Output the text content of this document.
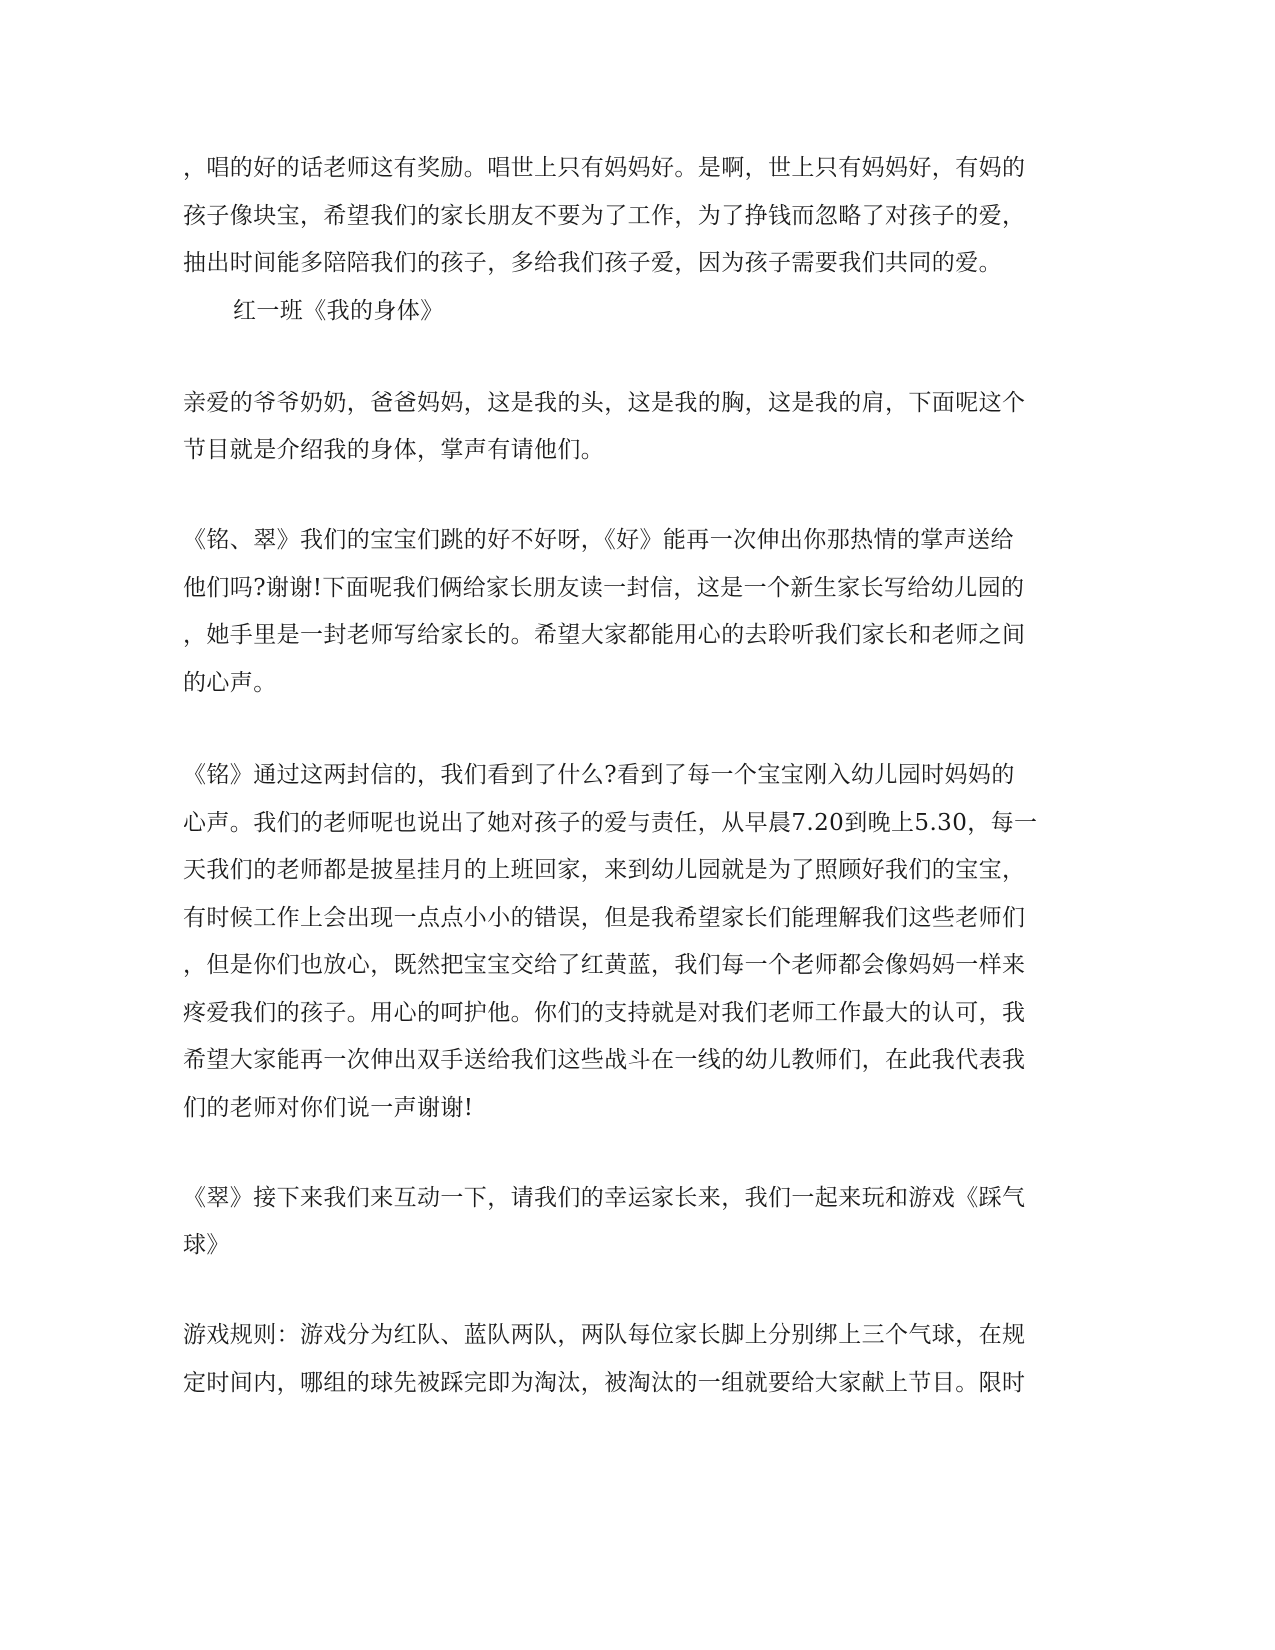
，唱的好的话老师这有奖励。唱世上只有妈妈好。是啊，世上只有妈妈好，有妈的
孩子像块宝，希望我们的家长朋友不要为了工作，为了挣钱而忽略了对孩子的爱，
抽出时间能多陪陪我们的孩子，多给我们孩子爱，因为孩子需要我们共同的爱。
红一班《我的身体》
亲爱的爷爷奶奶，爸爸妈妈，这是我的头，这是我的胸，这是我的肩，下面呢这个
节目就是介绍我的身体，掌声有请他们。
《铭、翠》我们的宝宝们跳的好不好呀，《好》能再一次伸出你那热情的掌声送给
他们吗?谢谢!下面呢我们俩给家长朋友读一封信，这是一个新生家长写给幼儿园的
，她手里是一封老师写给家长的。希望大家都能用心的去聆听我们家长和老师之间
的心声。
《铭》通过这两封信的，我们看到了什么?看到了每一个宝宝刚入幼儿园时妈妈的
心声。我们的老师呢也说出了她对孩子的爱与责任，从早晨7.20到晚上5.30，每一
天我们的老师都是披星挂月的上班回家，来到幼儿园就是为了照顾好我们的宝宝，
有时候工作上会出现一点点小小的错误，但是我希望家长们能理解我们这些老师们
，但是你们也放心，既然把宝宝交给了红黄蓝，我们每一个老师都会像妈妈一样来
疼爱我们的孩子。用心的呵护他。你们的支持就是对我们老师工作最大的认可，我
希望大家能再一次伸出双手送给我们这些战斗在一线的幼儿教师们，在此我代表我
们的老师对你们说一声谢谢!
《翠》接下来我们来互动一下，请我们的幸运家长来，我们一起来玩和游戏《踩气
球》
游戏规则：游戏分为红队、蓝队两队，两队每位家长脚上分别绑上三个气球，在规
定时间内，哪组的球先被踩完即为淘汰，被淘汰的一组就要给大家献上节目。限时
